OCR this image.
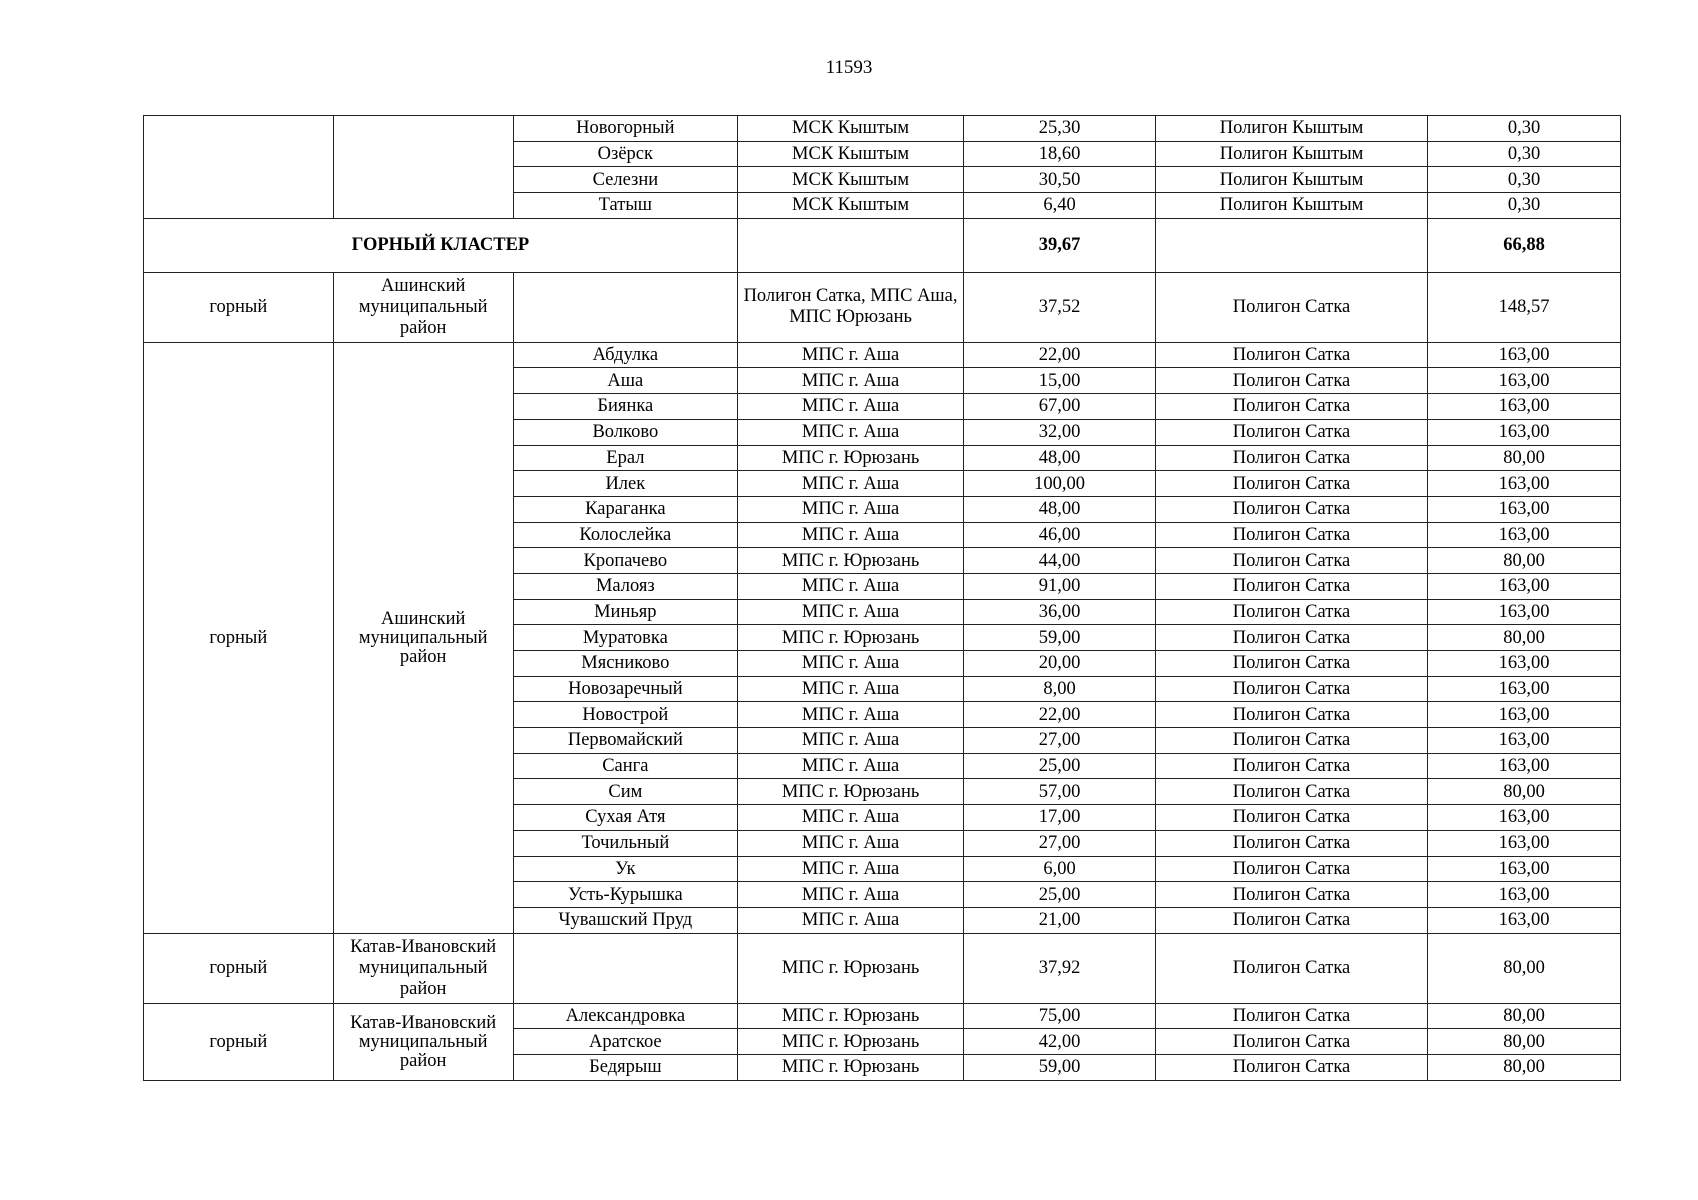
11593
		Новогорный	МСК Кыштым	25,30	Полигон Кыштым	0,30
		Озёрск	МСК Кыштым	18,60	Полигон Кыштым	0,30
		Селезни	МСК Кыштым	30,50	Полигон Кыштым	0,30
		Татыш	МСК Кыштым	6,40	Полигон Кыштым	0,30
ГОРНЫЙ КЛАСТЕР				39,67		66,88
горный	Ашинский муниципальный район		Полигон Сатка, МПС Аша, МПС Юрюзань	37,52	Полигон Сатка	148,57
горный	Ашинский муниципальный район	Абдулка	МПС г. Аша	22,00	Полигон Сатка	163,00
		Аша	МПС г. Аша	15,00	Полигон Сатка	163,00
		Биянка	МПС г. Аша	67,00	Полигон Сатка	163,00
		Волково	МПС г. Аша	32,00	Полигон Сатка	163,00
		Ерал	МПС г. Юрюзань	48,00	Полигон Сатка	80,00
		Илек	МПС г. Аша	100,00	Полигон Сатка	163,00
		Караганка	МПС г. Аша	48,00	Полигон Сатка	163,00
		Колослейка	МПС г. Аша	46,00	Полигон Сатка	163,00
		Кропачево	МПС г. Юрюзань	44,00	Полигон Сатка	80,00
		Малояз	МПС г. Аша	91,00	Полигон Сатка	163,00
		Миньяр	МПС г. Аша	36,00	Полигон Сатка	163,00
		Муратовка	МПС г. Юрюзань	59,00	Полигон Сатка	80,00
		Мясниково	МПС г. Аша	20,00	Полигон Сатка	163,00
		Новозаречный	МПС г. Аша	8,00	Полигон Сатка	163,00
		Новострой	МПС г. Аша	22,00	Полигон Сатка	163,00
		Первомайский	МПС г. Аша	27,00	Полигон Сатка	163,00
		Санга	МПС г. Аша	25,00	Полигон Сатка	163,00
		Сим	МПС г. Юрюзань	57,00	Полигон Сатка	80,00
		Сухая Атя	МПС г. Аша	17,00	Полигон Сатка	163,00
		Точильный	МПС г. Аша	27,00	Полигон Сатка	163,00
		Ук	МПС г. Аша	6,00	Полигон Сатка	163,00
		Усть-Курышка	МПС г. Аша	25,00	Полигон Сатка	163,00
		Чувашский Пруд	МПС г. Аша	21,00	Полигон Сатка	163,00
горный	Катав-Ивановский муниципальный район		МПС г. Юрюзань	37,92	Полигон Сатка	80,00
горный	Катав-Ивановский муниципальный район	Александровка	МПС г. Юрюзань	75,00	Полигон Сатка	80,00
		Аратское	МПС г. Юрюзань	42,00	Полигон Сатка	80,00
		Бедярыш	МПС г. Юрюзань	59,00	Полигон Сатка	80,00
